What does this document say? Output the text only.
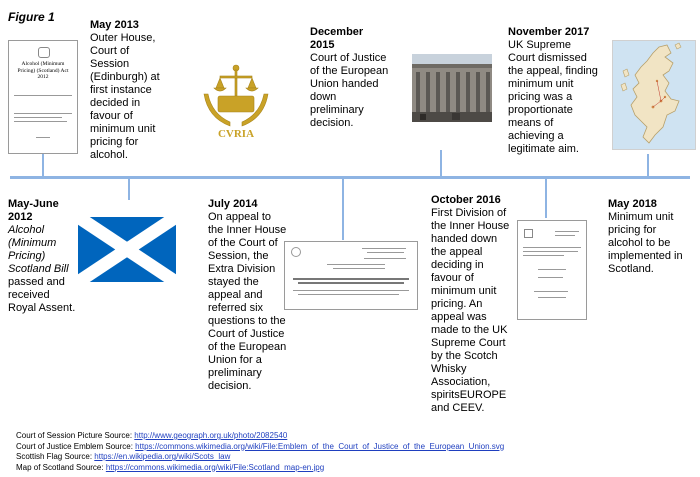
Figure 1
May 2013
Outer House, Court of Session (Edinburgh) at first instance decided in favour of minimum unit pricing for alcohol.
December 2015
Court of Justice of the European Union handed down preliminary decision.
November 2017
UK Supreme Court dismissed the appeal, finding minimum unit pricing was a proportionate means of achieving a legitimate aim.
May-June 2012
Alcohol (Minimum Pricing) Scotland Bill passed and received Royal Assent.
July 2014
On appeal to the Inner House of the Court of Session, the Extra Division stayed the appeal and referred six questions to the Court of Justice of the European Union for a preliminary decision.
October 2016
First Division of the Inner House handed down the appeal deciding in favour of minimum unit pricing. An appeal was made to the UK Supreme Court by the Scotch Whisky Association, spiritsEUROPE and CEEV.
May 2018
Minimum unit pricing for alcohol to be implemented in Scotland.
Alcohol (Minimum Pricing) (Scotland) Act 2012
CVRIA
Court of Session Picture Source: http://www.geograph.org.uk/photo/2082540
Court of Justice Emblem Source: https://commons.wikimedia.org/wiki/File:Emblem_of_the_Court_of_Justice_of_the_European_Union.svg
Scottish Flag Source: https://en.wikipedia.org/wiki/Scots_law
Map of Scotland Source: https://commons.wikimedia.org/wiki/File:Scotland_map-en.jpg
